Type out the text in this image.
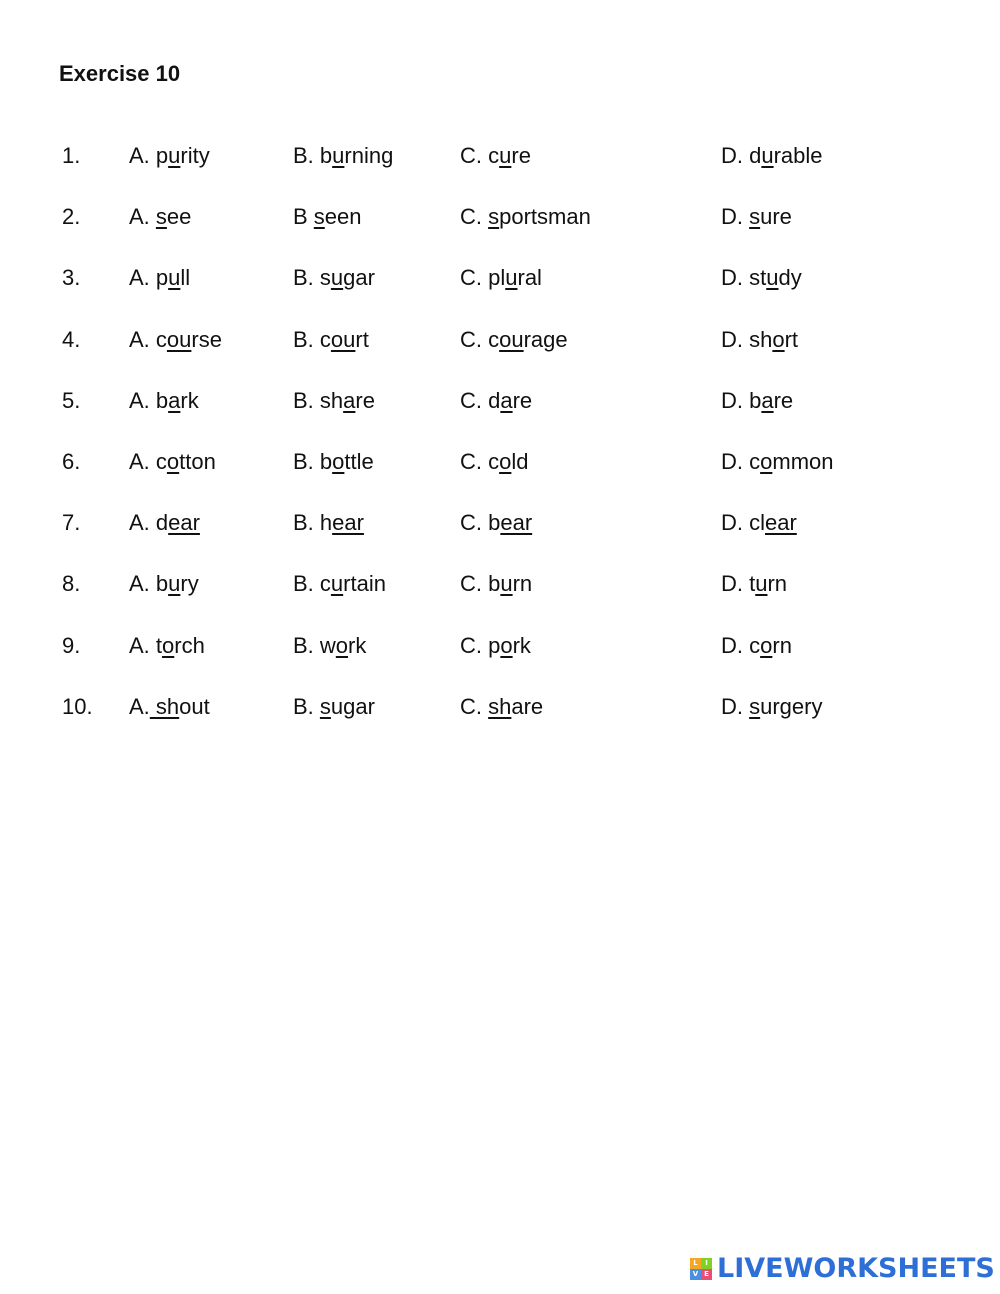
Exercise 10
1. A. purity	B. burning	C. cure	D. durable
2. A. see	B seen	C. sportsman	D. sure
3. A. pull	B. sugar	C. plural	D. study
4. A. course	B. court	C. courage	D. short
5. A. bark	B. share	C. dare	D. bare
6. A. cotton	B. bottle	C. cold	D. common
7. A. dear	B. hear	C. bear	D. clear
8. A. bury	B. curtain	C. burn	D. turn
9. A. torch	B. work	C. pork	D. corn
10. A. shout	B. sugar	C. share	D. surgery
L	I
V E LIVEWORKSHEETS
